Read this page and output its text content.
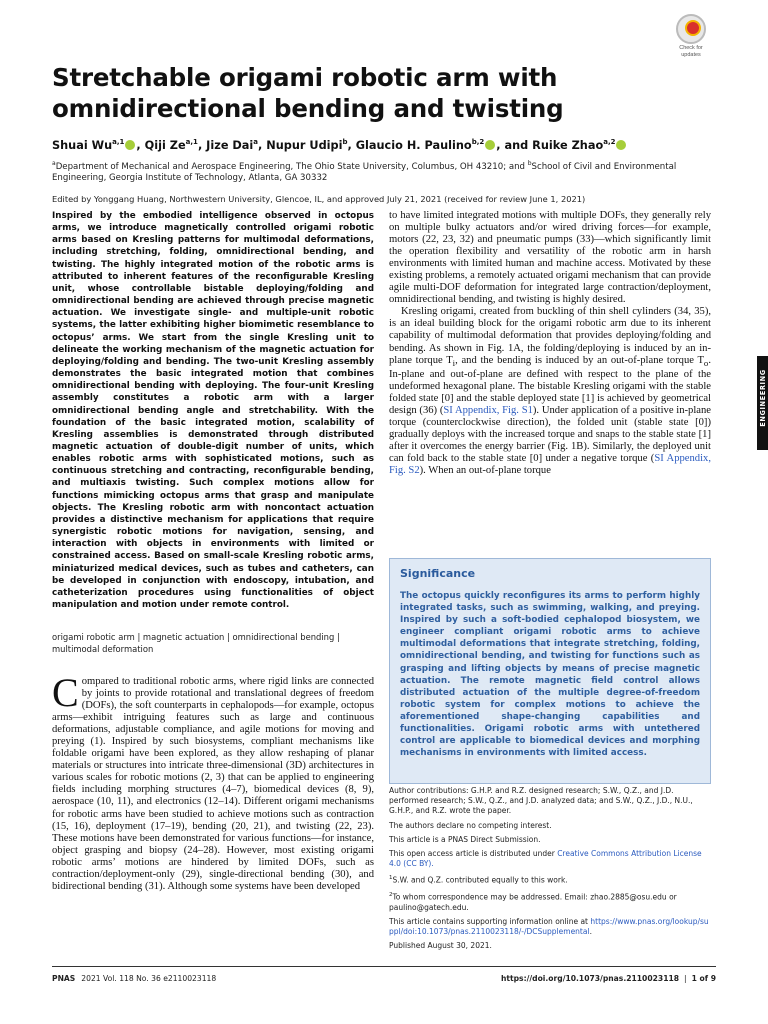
Check for
updates
Stretchable origami robotic arm with omnidirectional bending and twisting
Shuai Wu$^{a,1}$ , Qiji Ze$^{a,1}$, Jize Dai$^a$, Nupur Udipi$^b$, Glaucio H. Paulino$^{b,2}$ , and Ruike Zhao$^{a,2}$
$^a$Department of Mechanical and Aerospace Engineering, The Ohio State University, Columbus, OH 43210; and $^b$School of Civil and Environmental Engineering, Georgia Institute of Technology, Atlanta, GA 30332
Edited by Yonggang Huang, Northwestern University, Glencoe, IL, and approved July 21, 2021 (received for review June 1, 2021)
Inspired by the embodied intelligence observed in octopus arms, we introduce magnetically controlled origami robotic arms based on Kresling patterns for multimodal deformations, including stretching, folding, omnidirectional bending, and twisting. The highly integrated motion of the robotic arms is attributed to inherent features of the reconfigurable Kresling unit, whose controllable bistable deploying/folding and omnidirectional bending are achieved through precise magnetic actuation. We investigate single- and multiple-unit robotic systems, the latter exhibiting higher biomimetic resemblance to octopus’ arms. We start from the single Kresling unit to delineate the working mechanism of the magnetic actuation for deploying/folding and bending. The two-unit Kresling assembly demonstrates the basic integrated motion that combines omnidirectional bending with deploying. The four-unit Kresling assembly constitutes a robotic arm with a larger omnidirectional bending angle and stretchability. With the foundation of the basic integrated motion, scalability of Kresling assemblies is demonstrated through distributed magnetic actuation of double-digit number of units, which enables robotic arms with sophisticated motions, such as continuous stretching and contracting, reconfigurable bending, and multiaxis twisting. Such complex motions allow for functions mimicking octopus arms that grasp and manipulate objects. The Kresling robotic arm with noncontact actuation provides a distinctive mechanism for applications that require synergistic robotic motions for navigation, sensing, and interaction with objects in environments with limited or constrained access. Based on small-scale Kresling robotic arms, miniaturized medical devices, such as tubes and catheters, can be developed in conjunction with endoscopy, intubation, and catheterization procedures using functionalities of object manipulation and motion under remote control.
origami robotic arm | magnetic actuation | omnidirectional bending | multimodal deformation
Compared to traditional robotic arms, where rigid links are connected by joints to provide rotational and translational degrees of freedom (DOFs), the soft counterparts in cephalopods—for example, octopus arms—exhibit intriguing features such as large and continuous deformations, adjustable compliance, and agile motions for moving and preying (1). Inspired by such biosystems, compliant mechanisms like foldable origami have been explored, as they allow reshaping of planar materials or structures into intricate three-dimensional (3D) architectures in various scales for robotic motions (2, 3) that can be applied to engineering fields including morphing structures (4–7), biomedical devices (8, 9), aerospace (10, 11), and electronics (12–14). Different origami mechanisms for robotic arms have been studied to achieve motions such as contraction (15, 16), deployment (17–19), bending (20, 21), and twisting (22, 23). These motions have been demonstrated for various functions—for instance, object grasping and biopsy (24–28). However, most existing origami robotic arms’ motions are hindered by limited DOFs, such as contraction/deployment-only (29), single-directional bending (30), and bidirectional bending (31). Although some systems have been developed

to have limited integrated motions with multiple DOFs, they generally rely on multiple bulky actuators and/or wired driving forces—for example, motors (22, 23, 32) and pneumatic pumps (33)—which significantly limit the operation flexibility and versatility of the robotic arm in harsh environments with limited human and machine access. Motivated by these existing problems, a remotely actuated origami mechanism that can provide agile multi-DOF deformation for integrated large contraction/deployment, omnidirectional bending, and twisting is highly desired.

Kresling origami, created from buckling of thin shell cylinders (34, 35), is an ideal building block for the origami robotic arm due to its inherent capability of multimodal deformation that provides deploying/folding and bending. As shown in Fig. 1A, the folding/deploying is induced by an in-plane torque $T_i$, and the bending is induced by an out-of-plane torque $T_o$. In-plane and out-of-plane are defined with respect to the plane of the undeformed hexagonal plane. The bistable Kresling origami with the stable folded state [0] and the stable deployed state [1] is achieved by geometrical design (36) (SI Appendix, Fig. S1). Under application of a positive in-plane torque (counterclockwise direction), the folded unit (stable state [0]) gradually deploys with the increased torque and snaps to the stable state [1] after it overcomes the energy barrier (Fig. 1B). Similarly, the deployed unit can fold back to the stable state [0] under a negative torque (SI Appendix, Fig. S2). When an out-of-plane torque

ENGINEERING
Significance

The octopus quickly reconfigures its arms to perform highly integrated tasks, such as swimming, walking, and preying. Inspired by such a soft-bodied cephalopod biosystem, we engineer compliant origami robotic arms to achieve multimodal deformations that integrate stretching, folding, omnidirectional bending, and twisting for functions such as grasping and lifting objects by means of precise magnetic actuation. The remote magnetic field control allows distributed actuation of the multiple degree-of-freedom robotic system for complex motions to achieve the aforementioned shape-changing capabilities and functionalities. Origami robotic arms with untethered control are applicable to biomedical devices and morphing mechanisms in environments with limited access.

Author contributions: G.H.P. and R.Z. designed research; S.W., Q.Z., and J.D. performed research; S.W., Q.Z., and J.D. analyzed data; and S.W., Q.Z., J.D., N.U., G.H.P., and R.Z. wrote the paper.

The authors declare no competing interest.

This article is a PNAS Direct Submission.

This open access article is distributed under Creative Commons Attribution License 4.0 (CC BY).

$^1$S.W. and Q.Z. contributed equally to this work.

$^2$To whom correspondence may be addressed. Email: zhao.2885@osu.edu or paulino@gatech.edu.

This article contains supporting information online at https://www.pnas.org/lookup/suppl/doi:10.1073/pnas.2110023118/-/DCSupplemental.

Published August 30, 2021.

PNAS 2021 Vol. 118 No. 36 e2110023118	https://doi.org/10.1073/pnas.2110023118 | 1 of 9
